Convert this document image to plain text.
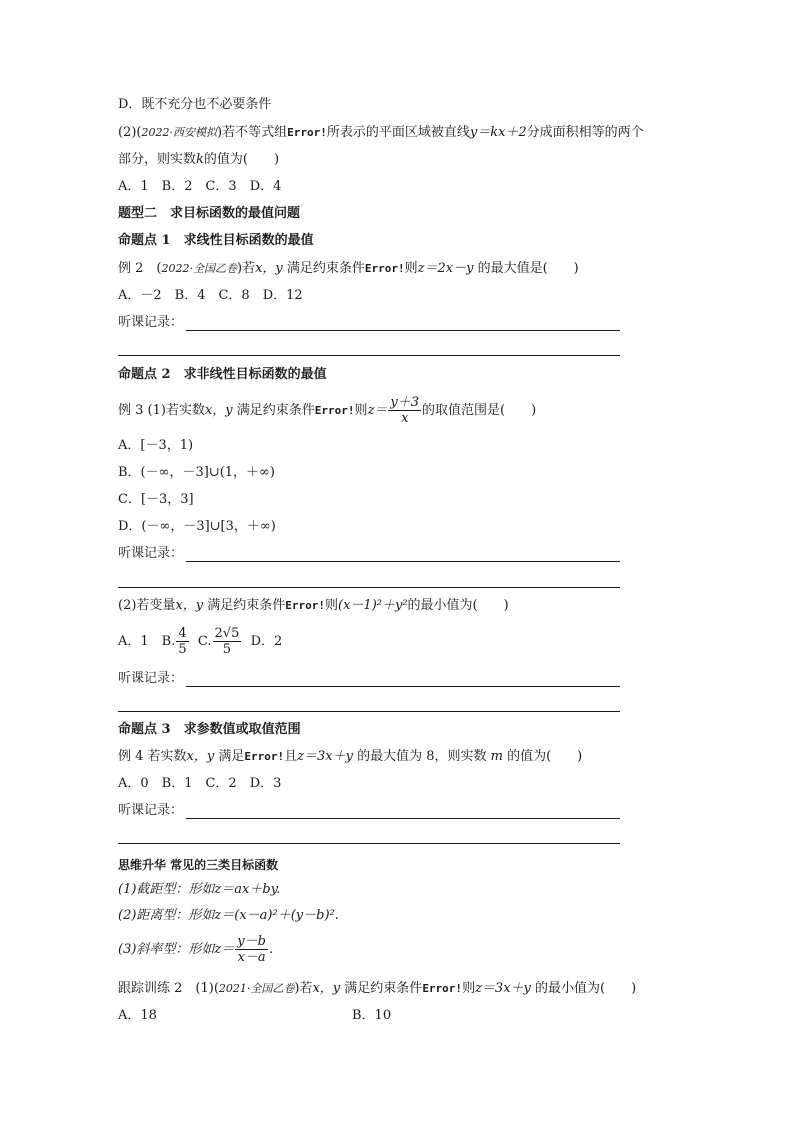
D．既不充分也不必要条件
(2)(2022·西安模拟)若不等式组Error!所表示的平面区域被直线y＝kx＋2分成面积相等的两个
部分，则实数k的值为(　　)
A．1　B．2　C．3　D．4
题型二　求目标函数的最值问题
命题点 1　求线性目标函数的最值
例 2　(2022·全国乙卷)若x，y 满足约束条件Error!则z＝2x－y 的最大值是(　　)
A．－2　B．4　C．8　D．12
听课记录：
命题点 2　求非线性目标函数的最值
例 3 (1)若实数x，y 满足约束条件Error!则$z= \frac{y+3}{x}$ 的取值范围是(　　)
A．[－3，1)
B．(－∞，－3]∪(1，＋∞)
C．[－3，3]
D．(－∞，－3]∪[3，＋∞)
听课记录：
(2)若变量x，y 满足约束条件Error!则(x－1)²＋y²的最小值为(　　)
A．1　B. $\frac{4}{5} C$. $\frac{2√5}{5}$ D．2
听课记录：
命题点 3　求参数值或取值范围
例 4 若实数x，y 满足Error!且z＝3x＋y 的最大值为 8，则实数 m 的值为(　　)
A．0　B．1　C．2　D．3
听课记录：
思维升华 常见的三类目标函数
(1)截距型：形如z＝ax＋by.
(2)距离型：形如z＝(x－a)²＋(y－b)².
(3)斜率型：形如$z= \frac{y-b}{x-a}$ .
跟踪训练 2　(1)(2021·全国乙卷)若x，y 满足约束条件Error!则z＝3x＋y 的最小值为(　　)
A．18	B．10
